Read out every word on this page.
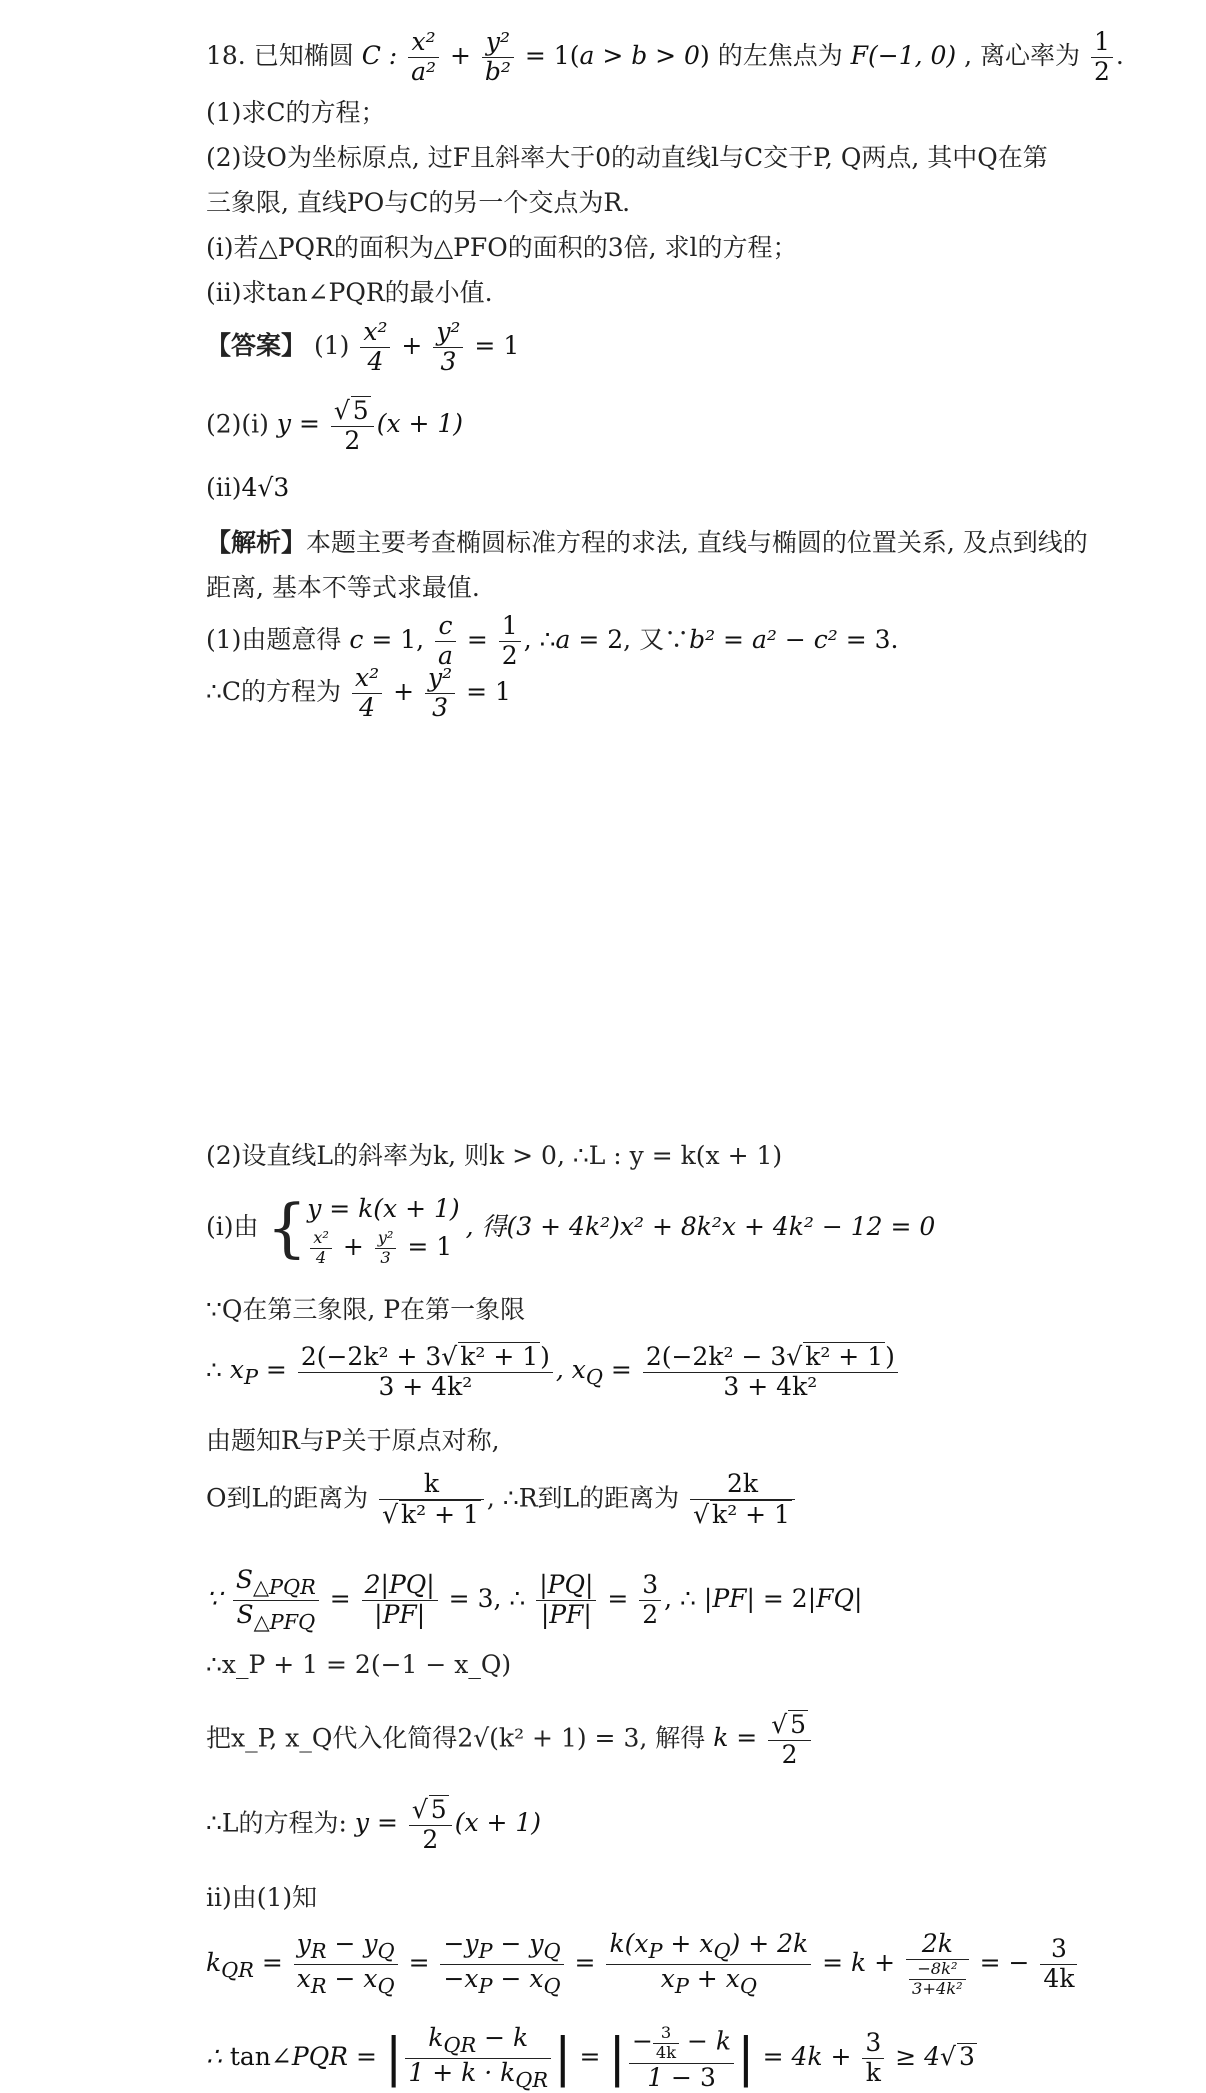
18. 已知椭圆 C : $\frac{\text{x²}}{\text{a²}} + \frac{\text{y²}}{\text{b²}} = 1(a > b > 0)$ 的左焦点为 F(−1, 0) , 离心率为 $\frac{1}{2}$ .
(1)求C的方程；
(2)设O为坐标原点, 过F且斜率大于0的动直线l与C交于P, Q两点, 其中Q在第
三象限, 直线PO与C的另一个交点为R.
(i)若△PQR的面积为△PFO的面积的3倍, 求l的方程；
(ii)求tan∠PQR的最小值.
【答案】 $(1) \frac{\text{x²}}{4} + \frac{\text{y²}}{3} = 1$
(2)(i) $y = \frac{√ 5}{2} (x + 1)$
(ii)4√3
【解析】本题主要考查椭圆标准方程的求法, 直线与椭圆的位置关系, 及点到线的
距离, 基本不等式求最值.
(1)由题意得 c = 1, $\frac{c}{a} = \frac{1}{2}$ , ∴a = 2, 又∵b² = a² − c² = 3.
∴C的方程为 $\frac{\text{x²}}{4} + \frac{\text{y²}}{3} = 1$
(2)设直线L的斜率为k, 则k > 0, ∴L : y = k(x + 1)
(i)由 { y = k(x + 1)
$\frac{\text{x²}}{4} + \frac{\text{y²}}{3} = 1$
, 得(3 + 4k²)x² + 8k²x + 4k² − 12 = 0
∵Q在第三象限, P在第一象限
∴ $x_P = \frac{\text{2(−2k² + 3√ k² + 1)}}{\text{3 + 4k²}}$ , $x_Q = \frac{\text{2(−2k² − 3√ k² + 1)}}{\text{3 + 4k²}}$
由题知R与P关于原点对称,
O到L的距离为 $\frac{k}{\text{√ k² + 1}}$ , ∴R到L的距离为 $\frac{2k}{\text{√ k² + 1}}$
∵ $\frac{S_{\triangle PQR}}{S_{\triangle PFQ}} = \frac{2|PQ|}{|PF|} = 3$, ∴ $\frac{|PQ|}{|PF|} = \frac{3}{2}$ , ∴ |PF| = 2|FQ|
∴x_P + 1 = 2(−1 − x_Q)
把x_P, x_Q代入化简得2√(k² + 1) = 3, 解得 $k = \frac{√ 5}{2}$
∴L的方程为: $y = \frac{√ 5}{2} (x + 1)$
ii)由(1)知
$k_{QR} = \frac{y_R - y_Q}{x_R - x_Q} = \frac{-y_P - y_Q}{-x_P - x_Q} = \frac{k(x_P + x_Q) + 2k}{x_P + x_Q} = k + \frac{2k}{\frac{\text{−8k²}}{\text{3+4k²}}}$ = − $\frac{3}{4k}$
∴ tan∠PQR = | $\frac{k_{QR} - k}{1 + k \cdot k_{QR}}$ | = | $\frac{- \frac{3}{4k} - k}{1 - 3}$ | = $4k + \frac{3}{k} \ge 4√$ 3
